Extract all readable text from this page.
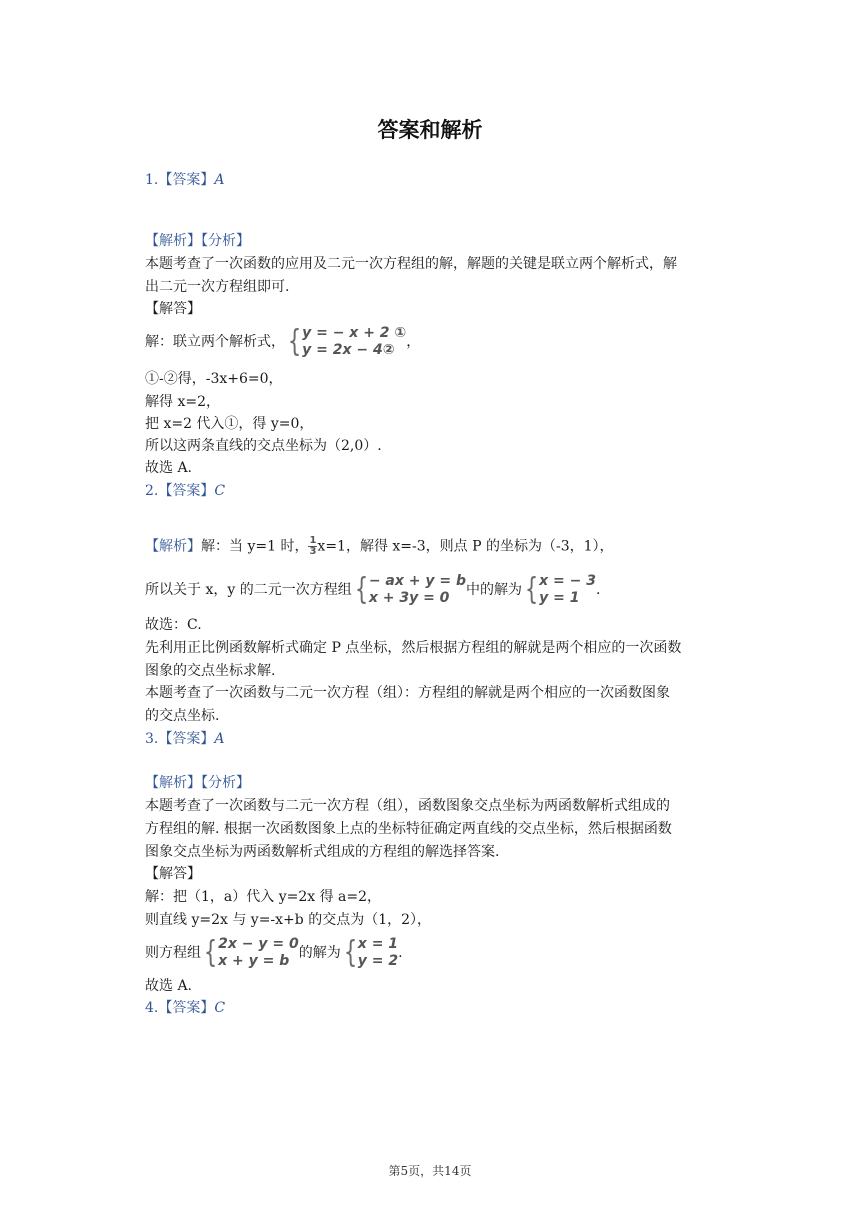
答案和解析
1.【答案】A
【解析】【分析】
本题考查了一次函数的应用及二元一次方程组的解，解题的关键是联立两个解析式，解
出二元一次方程组即可.
【解答】
解：联立两个解析式，{ y = − x + 2 ①
y = 2x − 4② ，
①-②得，-3x+6=0，
解得 x=2，
把 x=2 代入①，得 y=0，
所以这两条直线的交点坐标为（2,0）.
故选 A.
2.【答案】C
【解析】解：当 y=1 时， $\frac{1}{3} x=1$，解得 x=-3，则点 P 的坐标为（-3，1），
所以关于 x，y 的二元一次方程组{ − ax + y = b
x + 3y = 0	中的解为{ x = − 3
y = 1	.
故选：C.
先利用正比例函数解析式确定 P 点坐标，然后根据方程组的解就是两个相应的一次函数
图象的交点坐标求解.
本题考查了一次函数与二元一次方程（组）：方程组的解就是两个相应的一次函数图象
的交点坐标.
3.【答案】A
【解析】【分析】
本题考查了一次函数与二元一次方程（组），函数图象交点坐标为两函数解析式组成的
方程组的解. 根据一次函数图象上点的坐标特征确定两直线的交点坐标，然后根据函数
图象交点坐标为两函数解析式组成的方程组的解选择答案.
【解答】
解：把（1，a）代入 y=2x 得 a=2，
则直线 y=2x 与 y=-x+b 的交点为（1，2），
则方程组{ 2x − y = 0
x + y = b 的解为{ x = 1
y = 2 .
故选 A.
4.【答案】C
第5页，共14页
